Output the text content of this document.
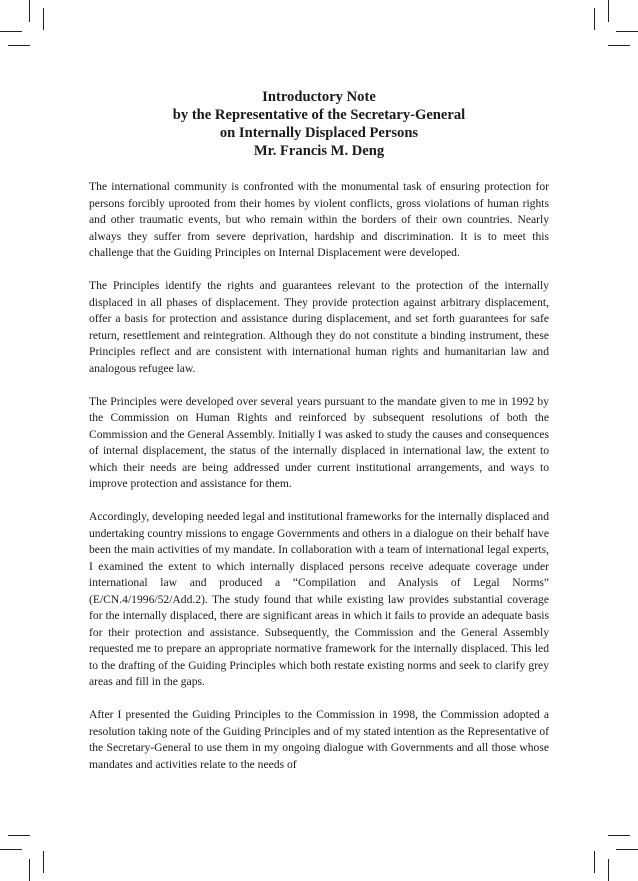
Introductory Note
by the Representative of the Secretary-General
on Internally Displaced Persons
Mr. Francis M. Deng

The international community is confronted with the monumental task of ensuring protection for persons forcibly uprooted from their homes by violent conflicts, gross violations of human rights and other traumatic events, but who remain within the borders of their own countries. Nearly always they suffer from severe deprivation, hardship and discrimination. It is to meet this challenge that the Guiding Principles on Internal Displacement were developed.

The Principles identify the rights and guarantees relevant to the protection of the internally displaced in all phases of displacement. They provide protection against arbitrary displacement, offer a basis for protection and assistance during displacement, and set forth guarantees for safe return, resettlement and reintegration. Although they do not constitute a binding instrument, these Principles reflect and are consistent with international human rights and humanitarian law and analogous refugee law.

The Principles were developed over several years pursuant to the mandate given to me in 1992 by the Commission on Human Rights and reinforced by subsequent resolutions of both the Commission and the General Assembly. Initially I was asked to study the causes and consequences of internal displacement, the status of the internally displaced in international law, the extent to which their needs are being addressed under current institutional arrangements, and ways to improve protection and assistance for them.

Accordingly, developing needed legal and institutional frameworks for the internally displaced and undertaking country missions to engage Governments and others in a dialogue on their behalf have been the main activities of my mandate. In collaboration with a team of international legal experts, I examined the extent to which internally displaced persons receive adequate coverage under international law and produced a “Compilation and Analysis of Legal Norms” (E/CN.4/1996/52/Add.2). The study found that while existing law provides substantial coverage for the internally displaced, there are significant areas in which it fails to provide an adequate basis for their protection and assistance. Subsequently, the Commission and the General Assembly requested me to prepare an appropriate normative framework for the internally displaced. This led to the drafting of the Guiding Principles which both restate existing norms and seek to clarify grey areas and fill in the gaps.

After I presented the Guiding Principles to the Commission in 1998, the Commission adopted a resolution taking note of the Guiding Principles and of my stated intention as the Representative of the Secretary-General to use them in my ongoing dialogue with Governments and all those whose mandates and activities relate to the needs of
